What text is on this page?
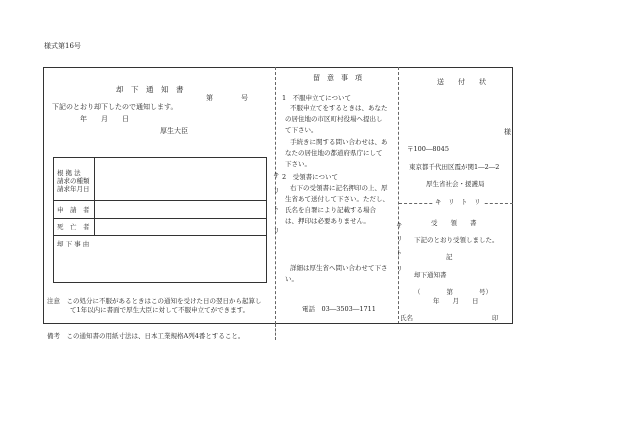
様式第16号
却　下　通　知　書
第　　　　号
下記のとおり却下したので通知します。
年　　月　　日
厚生大臣
根 拠 法
請求の種類
請求年月日
申　請　者
死　亡　者
却 下 事 由
注意　この処分に不服があるときはこの通知を受けた日の翌日から起算し
て1年以内に書面で厚生大臣に対して不服申立てができます。
留　意　事　項
1　不服申立てについて
不服申立てをするときは、あなた
の居住地の市区町村役場へ提出し
て下さい。
手続きに関する問い合わせは、あ
なたの居住地の都道府県庁にして
下さい。
2　受領書について
右下の受領書に記名押印の上、厚
生省あて送付して下さい。ただし、
氏名を自署により記載する場合
は、押印は必要ありません。
詳細は厚生省へ問い合わせて下さ
い。
電話　03―3503―1711
キ
リ
ト
リ
キ
リ
ト
リ
送　　付　　状
様
〒100―8045
東京都千代田区霞が関1―2―2
厚生省社会・援護局
キ　リ　ト　リ
受　　領　　書
下記のとおり受領しました。
記
却下通知書
（　　　　第　　　　号）
年　　月　　日
氏名	印
備考　この通知書の用紙寸法は、日本工業規格A列4番とすること。
